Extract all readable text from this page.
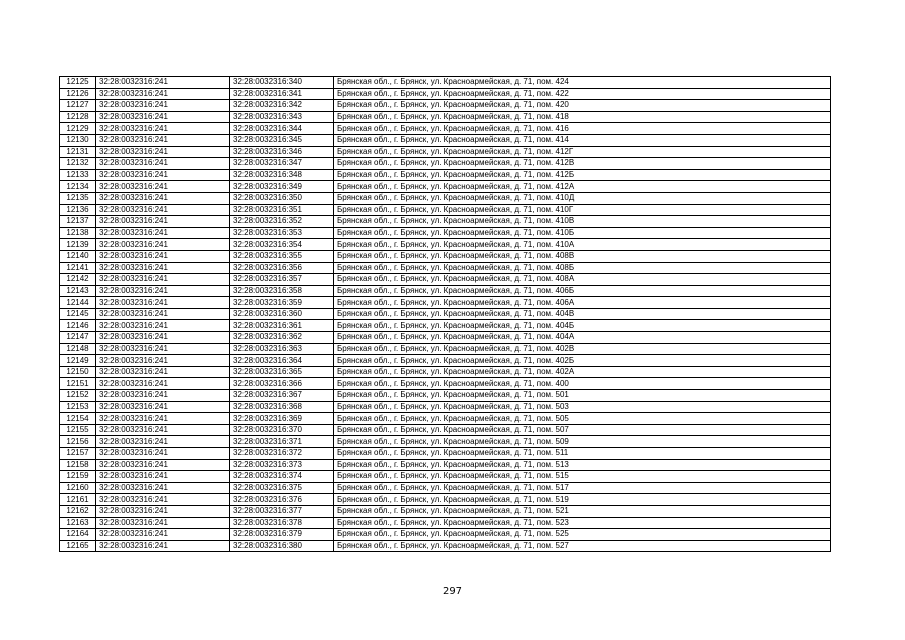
12125	32:28:0032316:241	32:28:0032316:340	Брянская обл., г. Брянск, ул. Красноармейская, д. 71, пом. 424
12126	32:28:0032316:241	32:28:0032316:341	Брянская обл., г. Брянск, ул. Красноармейская, д. 71, пом. 422
12127	32:28:0032316:241	32:28:0032316:342	Брянская обл., г. Брянск, ул. Красноармейская, д. 71, пом. 420
12128	32:28:0032316:241	32:28:0032316:343	Брянская обл., г. Брянск, ул. Красноармейская, д. 71, пом. 418
12129	32:28:0032316:241	32:28:0032316:344	Брянская обл., г. Брянск, ул. Красноармейская, д. 71, пом. 416
12130	32:28:0032316:241	32:28:0032316:345	Брянская обл., г. Брянск, ул. Красноармейская, д. 71, пом. 414
12131	32:28:0032316:241	32:28:0032316:346	Брянская обл., г. Брянск, ул. Красноармейская, д. 71, пом. 412Г
12132	32:28:0032316:241	32:28:0032316:347	Брянская обл., г. Брянск, ул. Красноармейская, д. 71, пом. 412В
12133	32:28:0032316:241	32:28:0032316:348	Брянская обл., г. Брянск, ул. Красноармейская, д. 71, пом. 412Б
12134	32:28:0032316:241	32:28:0032316:349	Брянская обл., г. Брянск, ул. Красноармейская, д. 71, пом. 412А
12135	32:28:0032316:241	32:28:0032316:350	Брянская обл., г. Брянск, ул. Красноармейская, д. 71, пом. 410Д
12136	32:28:0032316:241	32:28:0032316:351	Брянская обл., г. Брянск, ул. Красноармейская, д. 71, пом. 410Г
12137	32:28:0032316:241	32:28:0032316:352	Брянская обл., г. Брянск, ул. Красноармейская, д. 71, пом. 410В
12138	32:28:0032316:241	32:28:0032316:353	Брянская обл., г. Брянск, ул. Красноармейская, д. 71, пом. 410Б
12139	32:28:0032316:241	32:28:0032316:354	Брянская обл., г. Брянск, ул. Красноармейская, д. 71, пом. 410А
12140	32:28:0032316:241	32:28:0032316:355	Брянская обл., г. Брянск, ул. Красноармейская, д. 71, пом. 408В
12141	32:28:0032316:241	32:28:0032316:356	Брянская обл., г. Брянск, ул. Красноармейская, д. 71, пом. 408Б
12142	32:28:0032316:241	32:28:0032316:357	Брянская обл., г. Брянск, ул. Красноармейская, д. 71, пом. 408А
12143	32:28:0032316:241	32:28:0032316:358	Брянская обл., г. Брянск, ул. Красноармейская, д. 71, пом. 406Б
12144	32:28:0032316:241	32:28:0032316:359	Брянская обл., г. Брянск, ул. Красноармейская, д. 71, пом. 406А
12145	32:28:0032316:241	32:28:0032316:360	Брянская обл., г. Брянск, ул. Красноармейская, д. 71, пом. 404В
12146	32:28:0032316:241	32:28:0032316:361	Брянская обл., г. Брянск, ул. Красноармейская, д. 71, пом. 404Б
12147	32:28:0032316:241	32:28:0032316:362	Брянская обл., г. Брянск, ул. Красноармейская, д. 71, пом. 404А
12148	32:28:0032316:241	32:28:0032316:363	Брянская обл., г. Брянск, ул. Красноармейская, д. 71, пом. 402В
12149	32:28:0032316:241	32:28:0032316:364	Брянская обл., г. Брянск, ул. Красноармейская, д. 71, пом. 402Б
12150	32:28:0032316:241	32:28:0032316:365	Брянская обл., г. Брянск, ул. Красноармейская, д. 71, пом. 402А
12151	32:28:0032316:241	32:28:0032316:366	Брянская обл., г. Брянск, ул. Красноармейская, д. 71, пом. 400
12152	32:28:0032316:241	32:28:0032316:367	Брянская обл., г. Брянск, ул. Красноармейская, д. 71, пом. 501
12153	32:28:0032316:241	32:28:0032316:368	Брянская обл., г. Брянск, ул. Красноармейская, д. 71, пом. 503
12154	32:28:0032316:241	32:28:0032316:369	Брянская обл., г. Брянск, ул. Красноармейская, д. 71, пом. 505
12155	32:28:0032316:241	32:28:0032316:370	Брянская обл., г. Брянск, ул. Красноармейская, д. 71, пом. 507
12156	32:28:0032316:241	32:28:0032316:371	Брянская обл., г. Брянск, ул. Красноармейская, д. 71, пом. 509
12157	32:28:0032316:241	32:28:0032316:372	Брянская обл., г. Брянск, ул. Красноармейская, д. 71, пом. 511
12158	32:28:0032316:241	32:28:0032316:373	Брянская обл., г. Брянск, ул. Красноармейская, д. 71, пом. 513
12159	32:28:0032316:241	32:28:0032316:374	Брянская обл., г. Брянск, ул. Красноармейская, д. 71, пом. 515
12160	32:28:0032316:241	32:28:0032316:375	Брянская обл., г. Брянск, ул. Красноармейская, д. 71, пом. 517
12161	32:28:0032316:241	32:28:0032316:376	Брянская обл., г. Брянск, ул. Красноармейская, д. 71, пом. 519
12162	32:28:0032316:241	32:28:0032316:377	Брянская обл., г. Брянск, ул. Красноармейская, д. 71, пом. 521
12163	32:28:0032316:241	32:28:0032316:378	Брянская обл., г. Брянск, ул. Красноармейская, д. 71, пом. 523
12164	32:28:0032316:241	32:28:0032316:379	Брянская обл., г. Брянск, ул. Красноармейская, д. 71, пом. 525
12165	32:28:0032316:241	32:28:0032316:380	Брянская обл., г. Брянск, ул. Красноармейская, д. 71, пом. 527
297
